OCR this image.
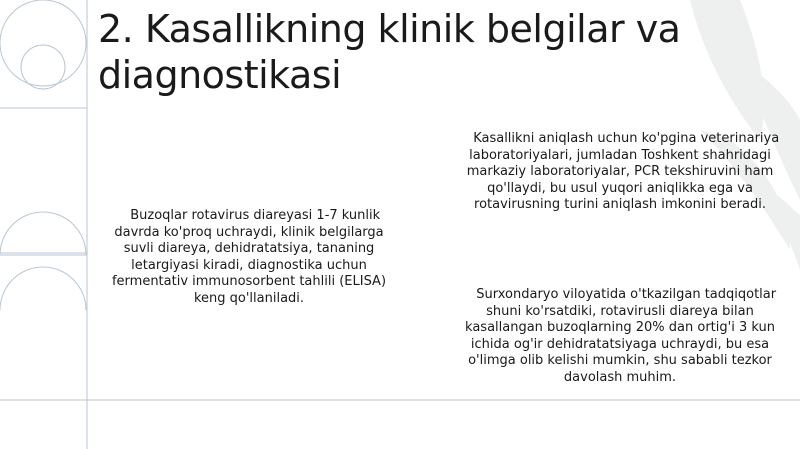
2. Kasallikning klinik belgilar va diagnostikasi

Buzoqlar rotavirus diareyasi 1-7 kunlik davrda ko'proq uchraydi, klinik belgilarga suvli diareya, dehidratatsiya, tananing letargiyasi kiradi, diagnostika uchun fermentativ immunosorbent tahlili (ELISA) keng qo'llaniladi.

Kasallikni aniqlash uchun ko'pgina veterinariya laboratoriyalari, jumladan Toshkent shahridagi markaziy laboratoriyalar, PCR tekshiruvini ham qo'llaydi, bu usul yuqori aniqlikka ega va rotavirusning turini aniqlash imkonini beradi.

Surxondaryo viloyatida o'tkazilgan tadqiqotlar shuni ko'rsatdiki, rotavirusli diareya bilan kasallangan buzoqlarning 20% dan ortig'i 3 kun ichida og'ir dehidratatsiyaga uchraydi, bu esa o'limga olib kelishi mumkin, shu sababli tezkor davolash muhim.
